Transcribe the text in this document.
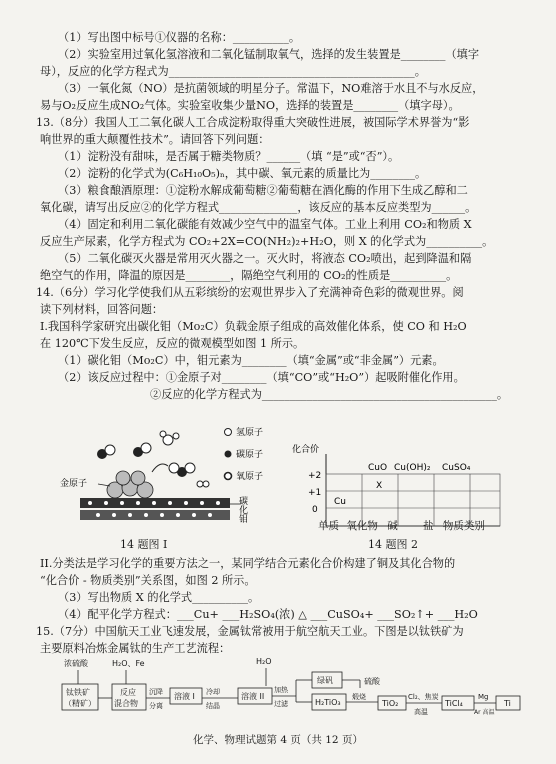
（1）写出图中标号①仪器的名称：__________。
（2）实验室用过氧化氢溶液和二氧化锰制取氧气，选择的发生装置是________（填字
母），反应的化学方程式为____________________________________________。
（3）一氧化氮（NO）是抗菌领域的明星分子。常温下，NO难溶于水且不与水反应，
易与O₂反应生成NO₂气体。实验室收集少量NO，选择的装置是________（填字母）。
13.（8分）我国人工二氧化碳人工合成淀粉取得重大突破性进展，被国际学术界誉为“影
响世界的重大颠覆性技术”。请回答下列问题：
（1）淀粉没有甜味，是否属于糖类物质？______（填 “是”或“否”）。
（2）淀粉的化学式为(C₆H₁₀O₅)ₙ，其中碳、氧元素的质量比为________。
（3）粮食酿酒原理：①淀粉水解成葡萄糖②葡萄糖在酒化酶的作用下生成乙醇和二
氧化碳，请写出反应②的化学方程式______________，该反应的基本反应类型为______。
（4）固定和利用二氧化碳能有效减少空气中的温室气体。工业上利用 CO₂和物质 X
反应生产尿素，化学方程式为 CO₂+2X=CO(NH₂)₂+H₂O，则 X 的化学式为__________。
（5）二氧化碳灭火器是常用灭火器之一。灭火时，将液态 CO₂喷出，起到降温和隔
绝空气的作用，降温的原因是________，隔绝空气利用的 CO₂的性质是__________。
14.（6分）学习化学使我们从五彩缤纷的宏观世界步入了充满神奇色彩的微观世界。阅
读下列材料，回答问题：
I.我国科学家研究出碳化钼（Mo₂C）负载金原子组成的高效催化体系，使 CO 和 H₂O
在 120℃下发生反应，反应的微观模型如图 1 所示。
（1）碳化钼（Mo₂C）中，钼元素为________（填“金属”或“非金属”）元素。
（2）该反应过程中：①金原子对________（填“CO”或“H₂O”）起吸附催化作用。
②反应的化学方程式为__________________________________________。
金原子
碳化钼
氢原子
碳原子
氧原子
14 题图 I
化合价
+2
+1
0
Cu
X
CuO Cu(OH)₂ CuSO₄
单质 氧化物 碱 盐 物质类别
14 题图 2
II.分类法是学习化学的重要方法之一，某同学结合元素化合价构建了铜及其化合物的
“化合价 - 物质类别”关系图，如图 2 所示。
（3）写出物质 X 的化学式__________。
（4）配平化学方程式：___Cu+ ___H₂SO₄(浓) △ ___CuSO₄+ ___SO₂↑+ ___H₂O
15.（7分）中国航天工业飞速发展，金属钛常被用于航空航天工业。下图是以钛铁矿为
主要原料冶炼金属钛的生产工艺流程：
浓硫酸	H₂O、Fe	H₂O
钛铁矿
（精矿）
反应
混合物
沉降
分离
溶液 I 冷却
结晶
溶液 II
加热
过滤
绿矾	硫酸
H₂TiO₃
煅烧
TiO₂
Cl₂、焦炭
高温
TiCl₄
Mg
Ar 高温
Ti
化学、物理试题第 4 页（共 12 页）
